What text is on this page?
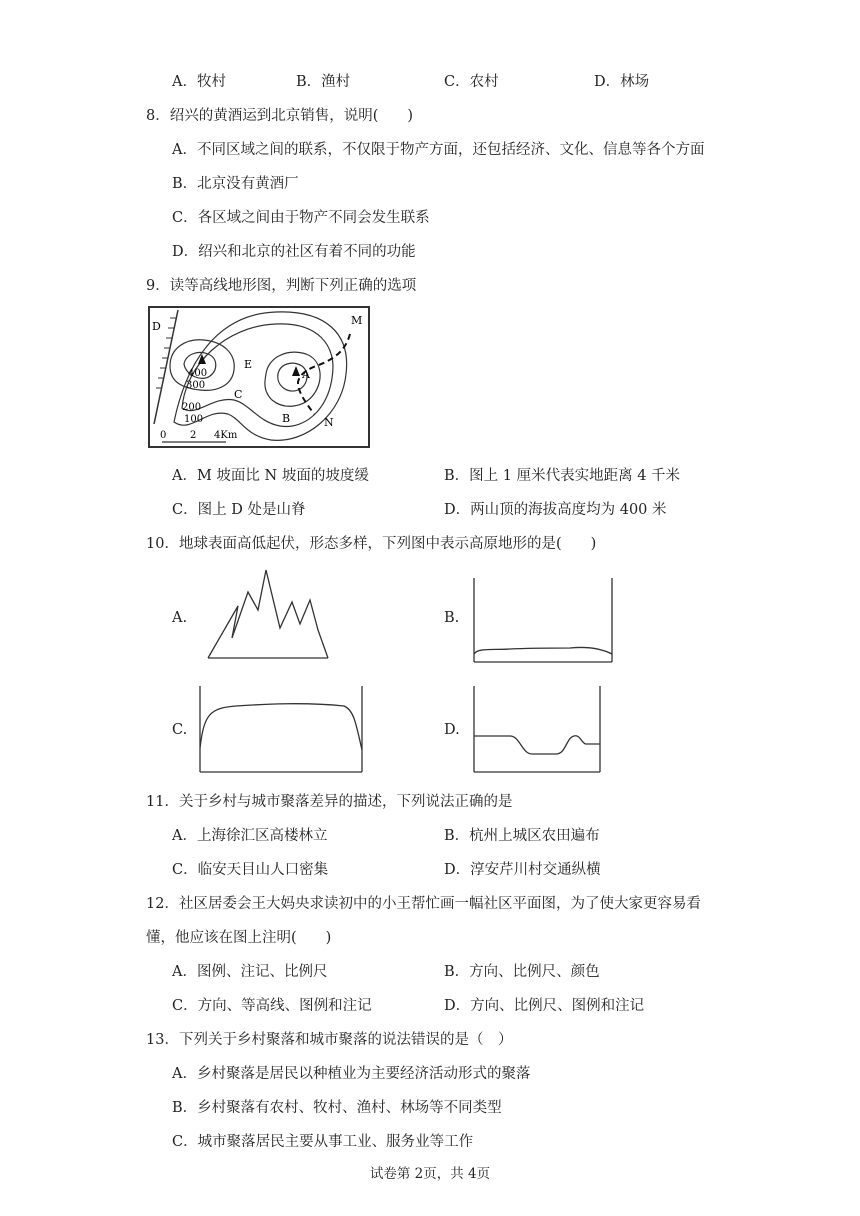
A．牧村	B．渔村	C．农村	D．林场
8．绍兴的黄酒运到北京销售，说明(　　)
A．不同区域之间的联系，不仅限于物产方面，还包括经济、文化、信息等各个方面
B．北京没有黄酒厂
C．各区域之间由于物产不同会发生联系
D．绍兴和北京的社区有着不同的功能
9．读等高线地形图，判断下列正确的选项
D	M
E
A
C
B	N
400
300
200
100
0 2 4Km
A．M 坡面比 N 坡面的坡度缓	B．图上 1 厘米代表实地距离 4 千米
C．图上 D 处是山脊	D．两山顶的海拔高度均为 400 米
10．地球表面高低起伏，形态多样，下列图中表示高原地形的是(　　)
A.	B.
C.	D.
11．关于乡村与城市聚落差异的描述，下列说法正确的是
A．上海徐汇区高楼林立	B．杭州上城区农田遍布
C．临安天目山人口密集	D．淳安芹川村交通纵横
12．社区居委会王大妈央求读初中的小王帮忙画一幅社区平面图，为了使大家更容易看
懂，他应该在图上注明(　　)
A．图例、注记、比例尺	B．方向、比例尺、颜色
C．方向、等高线、图例和注记	D．方向、比例尺、图例和注记
13．下列关于乡村聚落和城市聚落的说法错误的是（　）
A．乡村聚落是居民以种植业为主要经济活动形式的聚落
B．乡村聚落有农村、牧村、渔村、林场等不同类型
C．城市聚落居民主要从事工业、服务业等工作
试卷第 2页，共 4页
